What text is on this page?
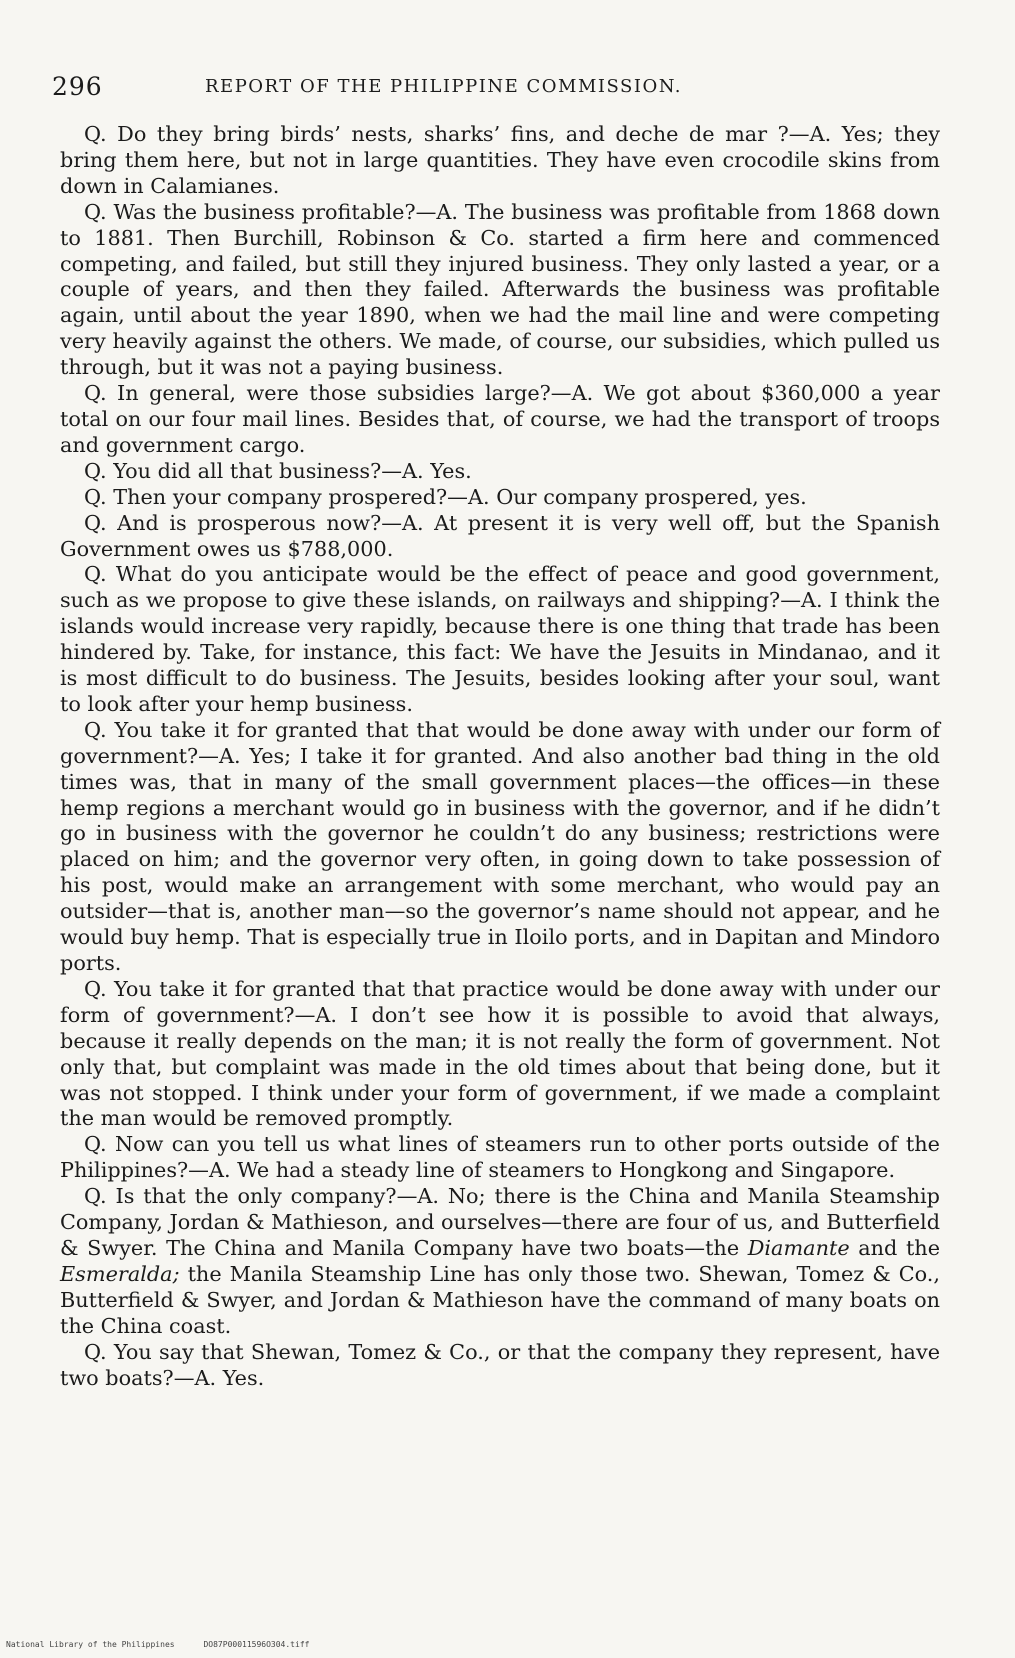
296	REPORT OF THE PHILIPPINE COMMISSION.

Q. Do they bring birds’ nests, sharks’ fins, and deche de mar ?—A. Yes; they bring them here, but not in large quantities. They have even crocodile skins from down in Calamianes.

Q. Was the business profitable?—A. The business was profitable from 1868 down to 1881. Then Burchill, Robinson & Co. started a firm here and commenced competing, and failed, but still they injured business. They only lasted a year, or a couple of years, and then they failed. Afterwards the business was profitable again, until about the year 1890, when we had the mail line and were competing very heavily against the others. We made, of course, our subsidies, which pulled us through, but it was not a paying business.

Q. In general, were those subsidies large?—A. We got about $360,000 a year total on our four mail lines. Besides that, of course, we had the transport of troops and government cargo.

Q. You did all that business?—A. Yes.

Q. Then your company prospered?—A. Our company prospered, yes.

Q. And is prosperous now?—A. At present it is very well off, but the Spanish Government owes us $788,000.

Q. What do you anticipate would be the effect of peace and good government, such as we propose to give these islands, on railways and shipping?—A. I think the islands would increase very rapidly, because there is one thing that trade has been hindered by. Take, for instance, this fact: We have the Jesuits in Mindanao, and it is most difficult to do business. The Jesuits, besides looking after your soul, want to look after your hemp business.

Q. You take it for granted that that would be done away with under our form of government?—A. Yes; I take it for granted. And also another bad thing in the old times was, that in many of the small government places—the offices—in these hemp regions a merchant would go in business with the governor, and if he didn’t go in business with the governor he couldn’t do any business; restrictions were placed on him; and the governor very often, in going down to take possession of his post, would make an arrangement with some merchant, who would pay an outsider—that is, another man—so the governor’s name should not appear, and he would buy hemp. That is especially true in Iloilo ports, and in Dapitan and Mindoro ports.

Q. You take it for granted that that practice would be done away with under our form of government?—A. I don’t see how it is possible to avoid that always, because it really depends on the man; it is not really the form of government. Not only that, but complaint was made in the old times about that being done, but it was not stopped. I think under your form of government, if we made a complaint the man would be removed promptly.

Q. Now can you tell us what lines of steamers run to other ports outside of the Philippines?—A. We had a steady line of steamers to Hongkong and Singapore.

Q. Is that the only company?—A. No; there is the China and Manila Steamship Company, Jordan & Mathieson, and ourselves—there are four of us, and Butterfield & Swyer. The China and Manila Company have two boats—the Diamante and the Esmeralda; the Manila Steamship Line has only those two. Shewan, Tomez & Co., Butterfield & Swyer, and Jordan & Mathieson have the command of many boats on the China coast.

Q. You say that Shewan, Tomez & Co., or that the company they represent, have two boats?—A. Yes.

National Library of the Philippines	DO87P00011596O304.tiff
